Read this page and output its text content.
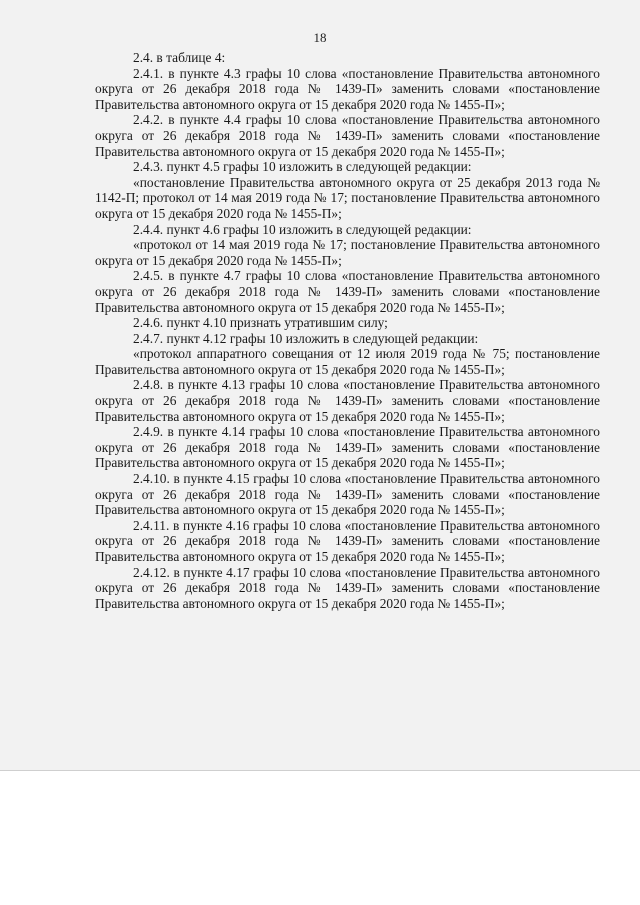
18

2.4. в таблице 4:

2.4.1. в пункте 4.3 графы 10 слова «постановление Правительства автономного округа от 26 декабря 2018 года № 1439-П» заменить словами «постановление Правительства автономного округа от 15 декабря 2020 года № 1455-П»;

2.4.2. в пункте 4.4 графы 10 слова «постановление Правительства автономного округа от 26 декабря 2018 года № 1439-П» заменить словами «постановление Правительства автономного округа от 15 декабря 2020 года № 1455-П»;

2.4.3. пункт 4.5 графы 10 изложить в следующей редакции:

«постановление Правительства автономного округа от 25 декабря 2013 года № 1142-П; протокол от 14 мая 2019 года № 17; постановление Правительства автономного округа от 15 декабря 2020 года № 1455-П»;

2.4.4. пункт 4.6 графы 10 изложить в следующей редакции:

«протокол от 14 мая 2019 года № 17; постановление Правительства автономного округа от 15 декабря 2020 года № 1455-П»;

2.4.5. в пункте 4.7 графы 10 слова «постановление Правительства автономного округа от 26 декабря 2018 года № 1439-П» заменить словами «постановление Правительства автономного округа от 15 декабря 2020 года № 1455-П»;

2.4.6. пункт 4.10 признать утратившим силу;

2.4.7. пункт 4.12 графы 10 изложить в следующей редакции:

«протокол аппаратного совещания от 12 июля 2019 года № 75; постановление Правительства автономного округа от 15 декабря 2020 года № 1455-П»;

2.4.8. в пункте 4.13 графы 10 слова «постановление Правительства автономного округа от 26 декабря 2018 года № 1439-П» заменить словами «постановление Правительства автономного округа от 15 декабря 2020 года № 1455-П»;

2.4.9. в пункте 4.14 графы 10 слова «постановление Правительства автономного округа от 26 декабря 2018 года № 1439-П» заменить словами «постановление Правительства автономного округа от 15 декабря 2020 года № 1455-П»;

2.4.10. в пункте 4.15 графы 10 слова «постановление Правительства автономного округа от 26 декабря 2018 года № 1439-П» заменить словами «постановление Правительства автономного округа от 15 декабря 2020 года № 1455-П»;

2.4.11. в пункте 4.16 графы 10 слова «постановление Правительства автономного округа от 26 декабря 2018 года № 1439-П» заменить словами «постановление Правительства автономного округа от 15 декабря 2020 года № 1455-П»;

2.4.12. в пункте 4.17 графы 10 слова «постановление Правительства автономного округа от 26 декабря 2018 года № 1439-П» заменить словами «постановление Правительства автономного округа от 15 декабря 2020 года № 1455-П»;
